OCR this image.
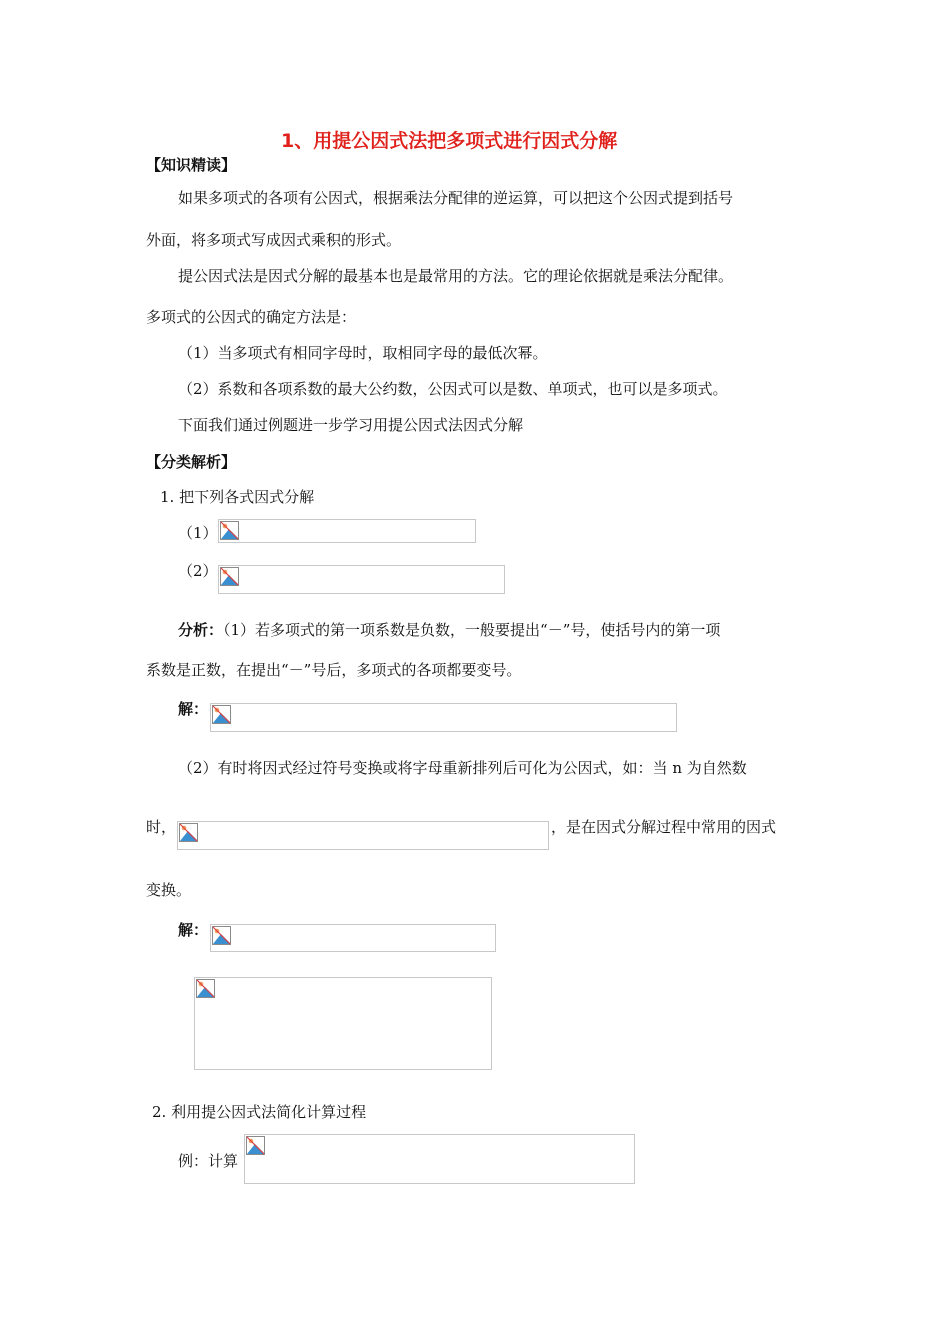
1、用提公因式法把多项式进行因式分解
【知识精读】
如果多项式的各项有公因式，根据乘法分配律的逆运算，可以把这个公因式提到括号
外面，将多项式写成因式乘积的形式。
提公因式法是因式分解的最基本也是最常用的方法。它的理论依据就是乘法分配律。
多项式的公因式的确定方法是：
（1）当多项式有相同字母时，取相同字母的最低次幂。
（2）系数和各项系数的最大公约数，公因式可以是数、单项式，也可以是多项式。
下面我们通过例题进一步学习用提公因式法因式分解
【分类解析】
1. 把下列各式因式分解
（1）
（2）
分析：（1）若多项式的第一项系数是负数，一般要提出“－”号，使括号内的第一项
系数是正数，在提出“－”号后，多项式的各项都要变号。
解：
（2）有时将因式经过符号变换或将字母重新排列后可化为公因式，如：当 n 为自然数
时，	，是在因式分解过程中常用的因式
变换。
解：
2. 利用提公因式法简化计算过程
例：计算
